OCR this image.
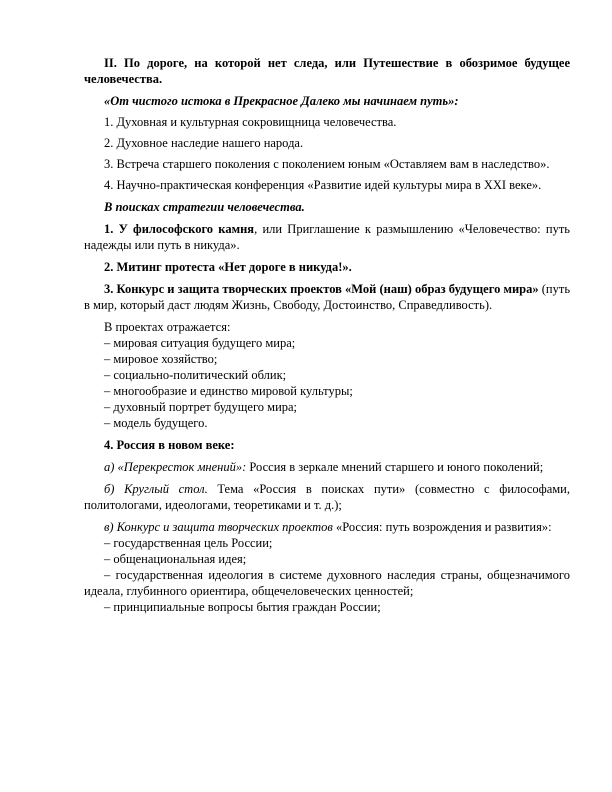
II. По дороге, на которой нет следа, или Путешествие в обозримое будущее человечества.

«От чистого истока в Прекрасное Далеко мы начинаем путь»:

1. Духовная и культурная сокровищница человечества.

2. Духовное наследие нашего народа.

3. Встреча старшего поколения с поколением юным «Оставляем вам в наследство».

4. Научно-практическая конференция «Развитие идей культуры мира в XXI веке».

В поисках стратегии человечества.

1. У философского камня, или Приглашение к размышлению «Человечество: путь надежды или путь в никуда».

2. Митинг протеста «Нет дороге в никуда!».

3. Конкурс и защита творческих проектов «Мой (наш) образ будущего мира» (путь в мир, который даст людям Жизнь, Свободу, Достоинство, Справедливость).

В проектах отражается:

– мировая ситуация будущего мира;

– мировое хозяйство;

– социально-политический облик;

– многообразие и единство мировой культуры;

– духовный портрет будущего мира;

– модель будущего.

4. Россия в новом веке:

а) «Перекресток мнений»: Россия в зеркале мнений старшего и юного поколений;

б) Круглый стол. Тема «Россия в поисках пути» (совместно с философами, политологами, идеологами, теоретиками и т. д.);

в) Конкурс и защита творческих проектов «Россия: путь возрождения и развития»:

– государственная цель России;

– общенациональная идея;

– государственная идеология в системе духовного наследия страны, общезначимого идеала, глубинного ориентира, общечеловеческих ценностей;

– принципиальные вопросы бытия граждан России;
